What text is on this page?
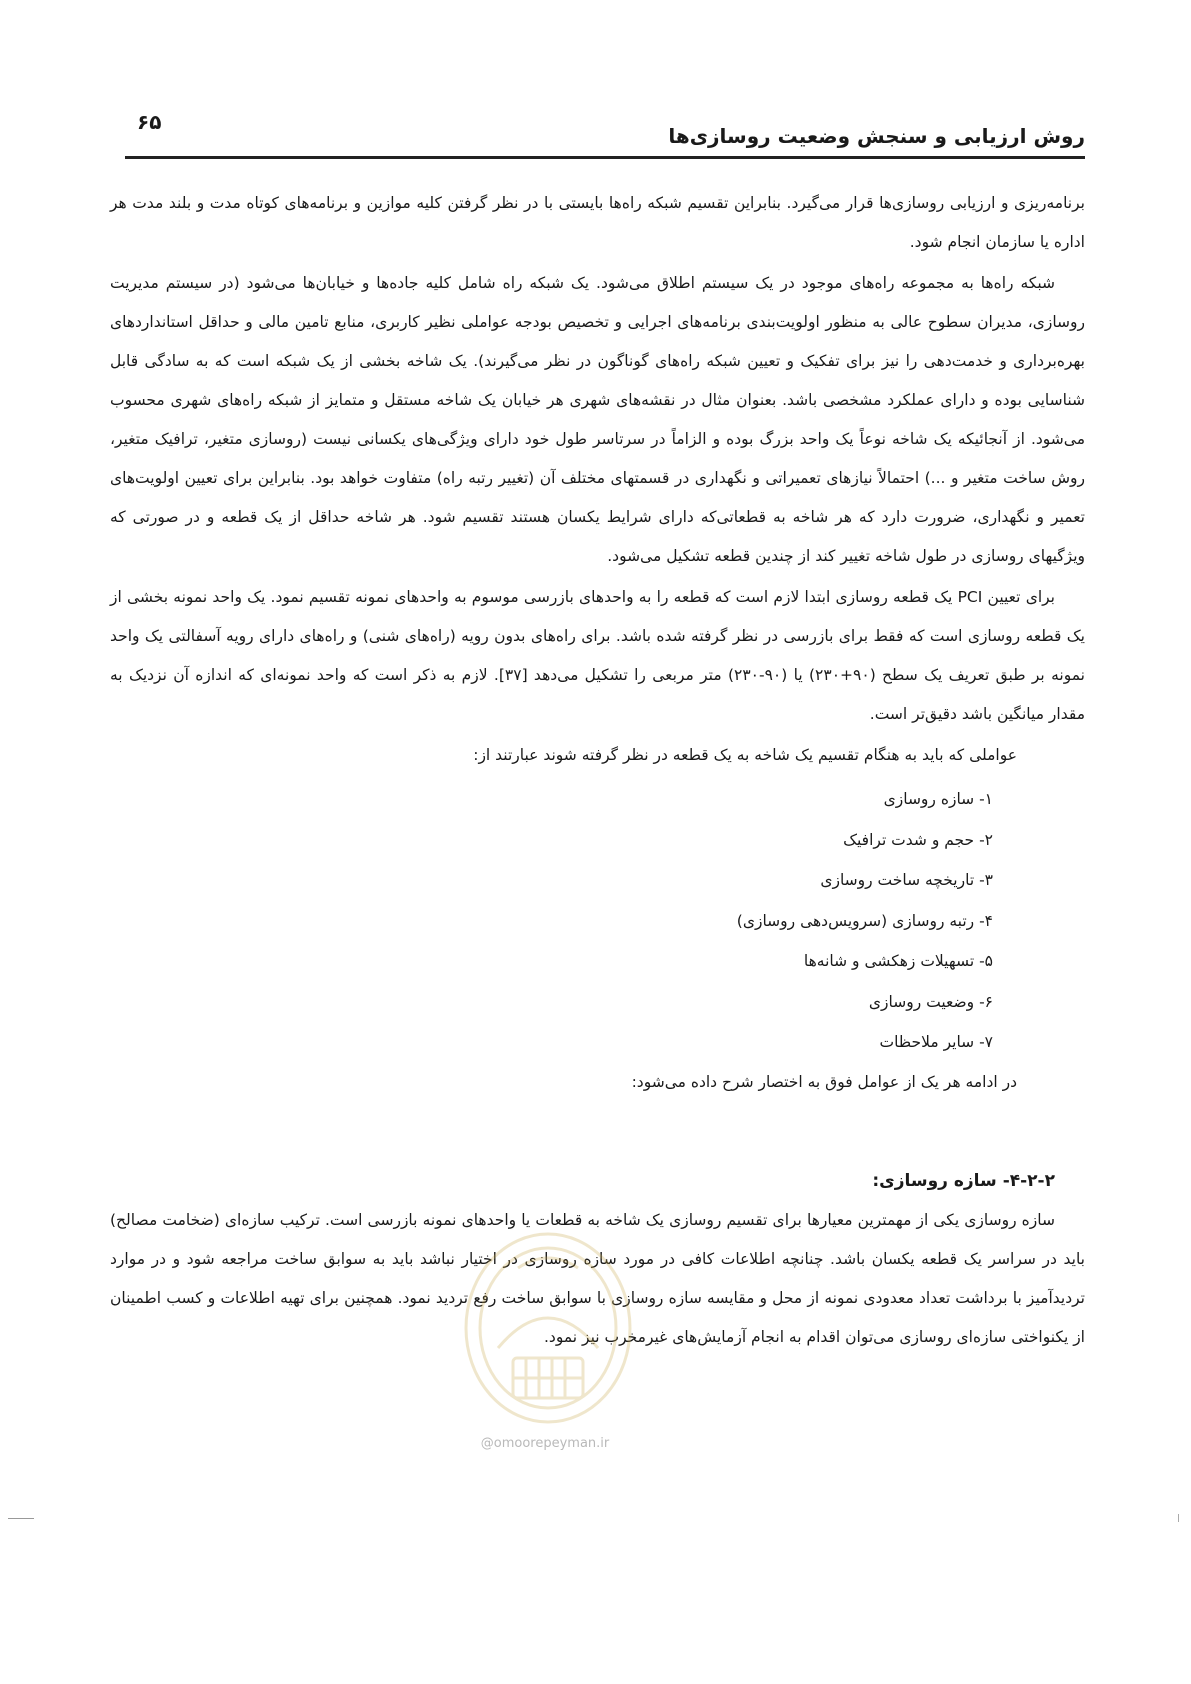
۶۵
روش ارزیابی و سنجش وضعیت روسازی‌ها

برنامه‌ریزی و ارزیابی روسازی‌ها قرار می‌گیرد. بنابراین تقسیم شبکه راه‌ها بایستی با در نظر گرفتن کلیه موازین و برنامه‌های کوتاه مدت و بلند مدت هر اداره یا سازمان انجام شود.

شبکه راه‌ها به مجموعه راه‌های موجود در یک سیستم اطلاق می‌شود. یک شبکه راه شامل کلیه جاده‌ها و خیابان‌ها می‌شود (در سیستم مدیریت روسازی، مدیران سطوح عالی به منظور اولویت‌بندی برنامه‌های اجرایی و تخصیص بودجه عواملی نظیر کاربری، منابع تامین مالی و حداقل استانداردهای بهره‌برداری و خدمت‌دهی را نیز برای تفکیک و تعیین شبکه راه‌های گوناگون در نظر می‌گیرند). یک شاخه بخشی از یک شبکه است که به سادگی قابل شناسایی بوده و دارای عملکرد مشخصی باشد. بعنوان مثال در نقشه‌های شهری هر خیابان یک شاخه مستقل و متمایز از شبکه راه‌های شهری محسوب می‌شود. از آنجائیکه یک شاخه نوعاً یک واحد بزرگ بوده و الزاماً در سرتاسر طول خود دارای ویژگی‌های یکسانی نیست (روسازی متغیر، ترافیک متغیر، روش ساخت متغیر و ...) احتمالاً نیازهای تعمیراتی و نگهداری در قسمتهای مختلف آن (تغییر رتبه راه) متفاوت خواهد بود. بنابراین برای تعیین اولویت‌های تعمیر و نگهداری، ضرورت دارد که هر شاخه به قطعاتی‌که دارای شرایط یکسان هستند تقسیم شود. هر شاخه حداقل از یک قطعه و در صورتی که ویژگیهای روسازی در طول شاخه تغییر کند از چندین قطعه تشکیل می‌شود.

برای تعیین PCI یک قطعه روسازی ابتدا لازم است که قطعه را به واحدهای بازرسی موسوم به واحدهای نمونه تقسیم نمود. یک واحد نمونه بخشی از یک قطعه روسازی است که فقط برای بازرسی در نظر گرفته شده باشد. برای راه‌های بدون رویه (راه‌های شنی) و راه‌های دارای رویه آسفالتی یک واحد نمونه بر طبق تعریف یک سطح (۹۰+۲۳۰) یا (۹۰-۲۳۰) متر مربعی را تشکیل می‌دهد [۳۷]. لازم به ذکر است که واحد نمونه‌ای که اندازه آن نزدیک به مقدار میانگین باشد دقیق‌تر است.

عواملی که باید به هنگام تقسیم یک شاخه به یک قطعه در نظر گرفته شوند عبارتند از:

۱- سازه روسازی
۲- حجم و شدت ترافیک
۳- تاریخچه ساخت روسازی
۴- رتبه روسازی (سرویس‌دهی روسازی)
۵- تسهیلات زهکشی و شانه‌ها
۶- وضعیت روسازی
۷- سایر ملاحظات

در ادامه هر یک از عوامل فوق به اختصار شرح داده می‌شود:

۴-۲-۲- سازه روسازی:

سازه روسازی یکی از مهمترین معیارها برای تقسیم روسازی یک شاخه به قطعات یا واحدهای نمونه بازرسی است. ترکیب سازه‌ای (ضخامت مصالح) باید در سراسر یک قطعه یکسان باشد. چنانچه اطلاعات کافی در مورد سازه روسازی در اختیار نباشد باید به سوابق ساخت مراجعه شود و در موارد تردیدآمیز با برداشت تعداد معدودی نمونه از محل و مقایسه سازه روسازی با سوابق ساخت رفع تردید نمود. همچنین برای تهیه اطلاعات و کسب اطمینان از یکنواختی سازه‌ای روسازی می‌توان اقدام به انجام آزمایش‌های غیرمخرب نیز نمود.

@omoorepeyman.ir
